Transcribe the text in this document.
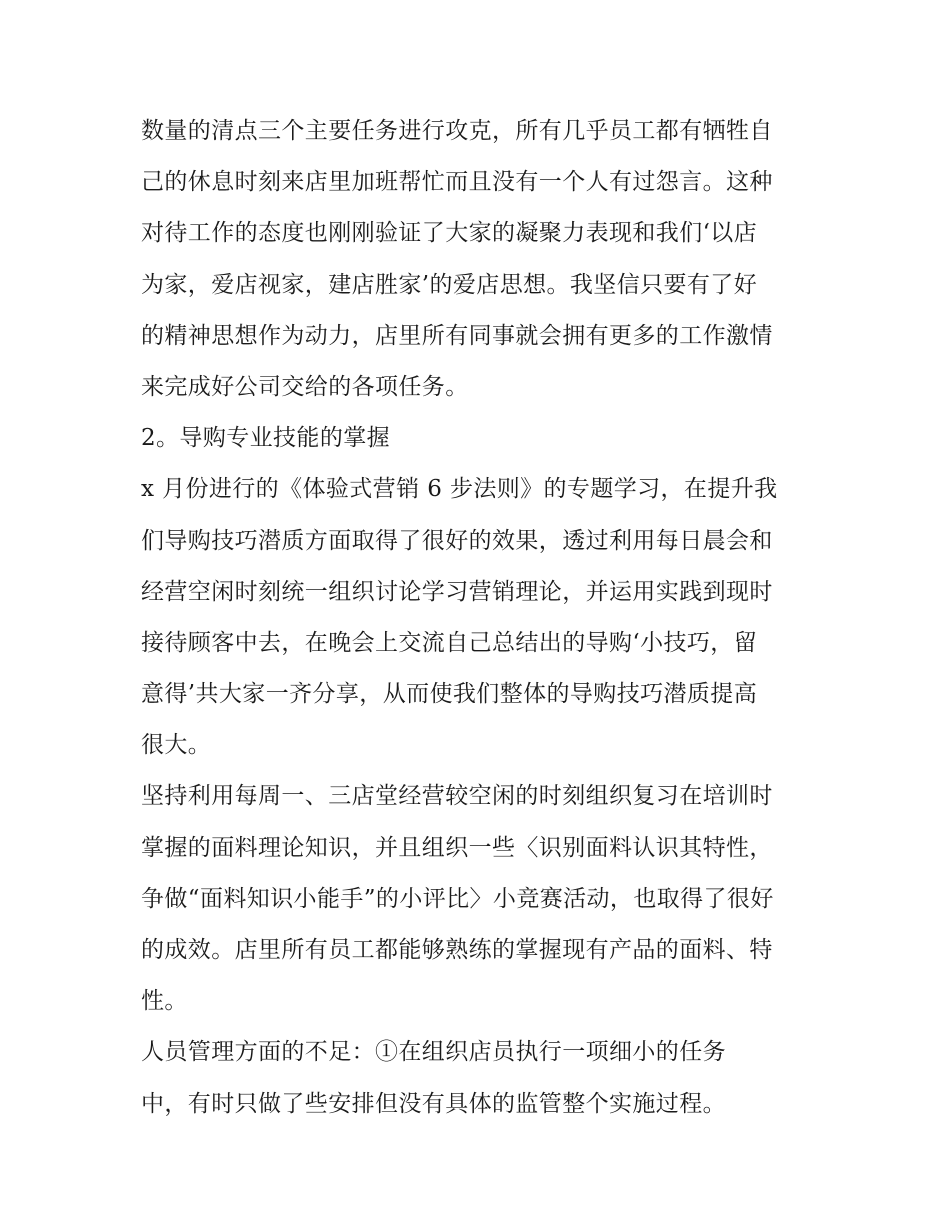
数量的清点三个主要任务进行攻克，所有几乎员工都有牺牲自
己的休息时刻来店里加班帮忙而且没有一个人有过怨言。这种
对待工作的态度也刚刚验证了大家的凝聚力表现和我们‘以店
为家，爱店视家，建店胜家’的爱店思想。我坚信只要有了好
的精神思想作为动力，店里所有同事就会拥有更多的工作激情
来完成好公司交给的各项任务。
2。导购专业技能的掌握
x 月份进行的《体验式营销 6 步法则》的专题学习，在提升我
们导购技巧潜质方面取得了很好的效果，透过利用每日晨会和
经营空闲时刻统一组织讨论学习营销理论，并运用实践到现时
接待顾客中去，在晚会上交流自己总结出的导购‘小技巧，留
意得’共大家一齐分享，从而使我们整体的导购技巧潜质提高
很大。
坚持利用每周一、三店堂经营较空闲的时刻组织复习在培训时
掌握的面料理论知识，并且组织一些〈识别面料认识其特性，
争做“面料知识小能手”的小评比〉小竞赛活动，也取得了很好
的成效。店里所有员工都能够熟练的掌握现有产品的面料、特
性。
人员管理方面的不足：①在组织店员执行一项细小的任务
中，有时只做了些安排但没有具体的监管整个实施过程。
